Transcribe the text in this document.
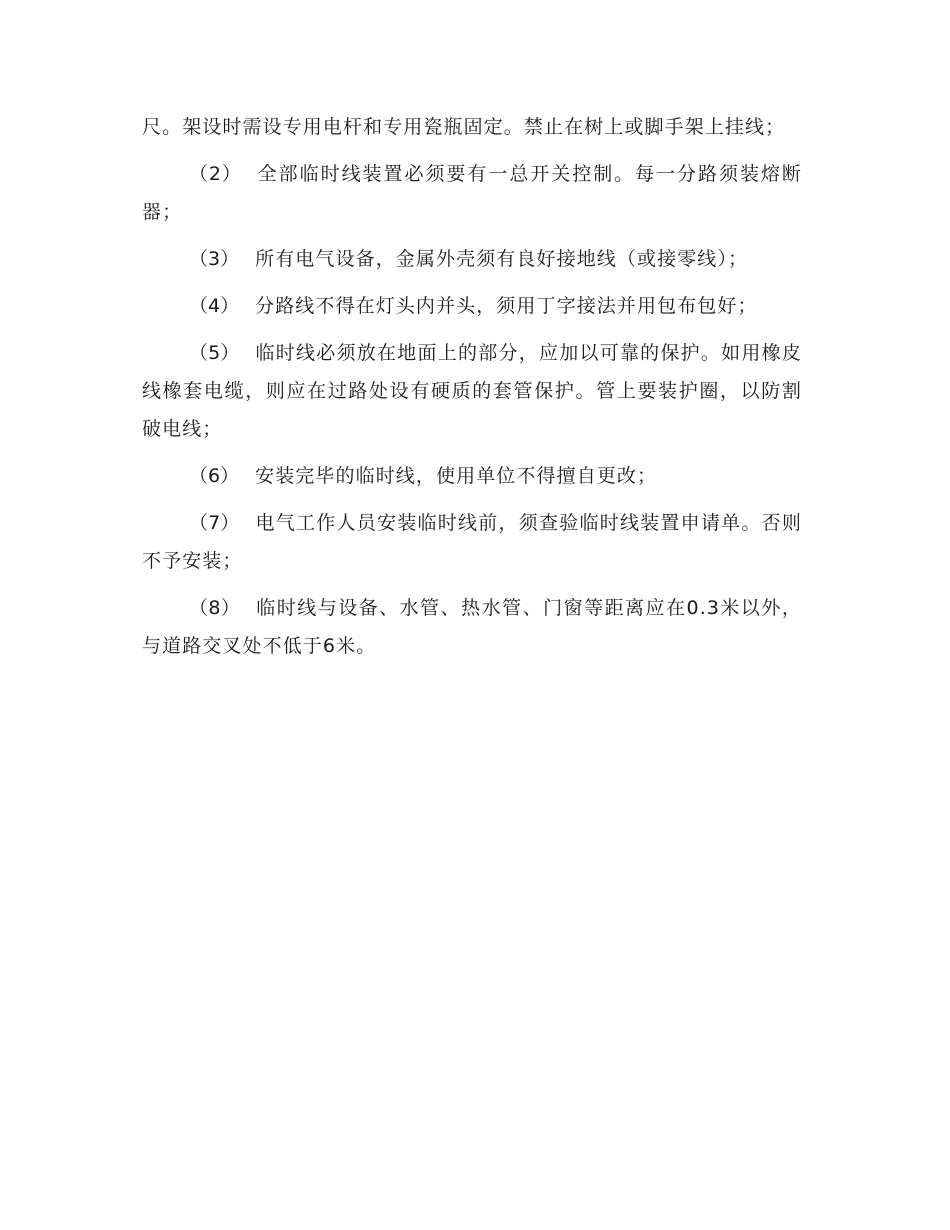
尺。架设时需设专用电杆和专用瓷瓶固定。禁止在树上或脚手架上挂线；

（2） 全部临时线装置必须要有一总开关控制。每一分路须装熔断器；

（3） 所有电气设备，金属外壳须有良好接地线（或接零线）；

（4） 分路线不得在灯头内并头，须用丁字接法并用包布包好；

（5） 临时线必须放在地面上的部分，应加以可靠的保护。如用橡皮线橡套电缆，则应在过路处设有硬质的套管保护。管上要装护圈，以防割破电线；

（6） 安装完毕的临时线，使用单位不得擅自更改；

（7） 电气工作人员安装临时线前，须查验临时线装置申请单。否则不予安装；

（8） 临时线与设备、水管、热水管、门窗等距离应在0.3米以外，与道路交叉处不低于6米。
